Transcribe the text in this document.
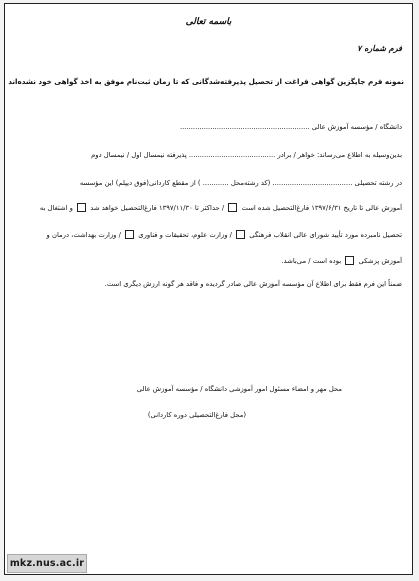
باسمه تعالی
فرم شماره ۷
نمونه فرم جایگزین گواهی فراغت از تحصیل پذیرفته‌شدگانی که تا زمان ثبت‌نام موفق به اخذ گواهی خود نشده‌اند
دانشگاه / مؤسسه آموزش عالی ............................................................
بدین‌وسیله به اطلاع می‌رساند: خواهر / برادر ........................................ پذیرفته نیمسال اول / نیمسال دوم
در رشته تحصیلی ..................................... (کد رشته‌محل ............ ) از مقطع کاردانی(فوق دیپلم) این مؤسسه
آموزش عالی تا تاریخ ۱۳۹۷/۶/۳۱ فارغ‌التحصیل شده است  / حداکثر تا ۱۳۹۷/۱۱/۳۰ فارغ‌التحصیل خواهد شد  و اشتغال به
تحصیل نامبرده مورد تأیید شورای عالی انقلاب فرهنگی  / وزارت علوم، تحقیقات و فناوری  / وزارت بهداشت، درمان و
آموزش پزشکی  بوده است / می‌باشد.
ضمناً این فرم فقط برای اطلاع آن مؤسسه آموزش عالی صادر گردیده و فاقد هر گونه ارزش دیگری است.
محل مهر و امضاء مسئول امور آموزشی دانشگاه / مؤسسه آموزش عالی
(محل فارغ‌التحصیلی دوره کاردانی)
mkz.nus.ac.ir
